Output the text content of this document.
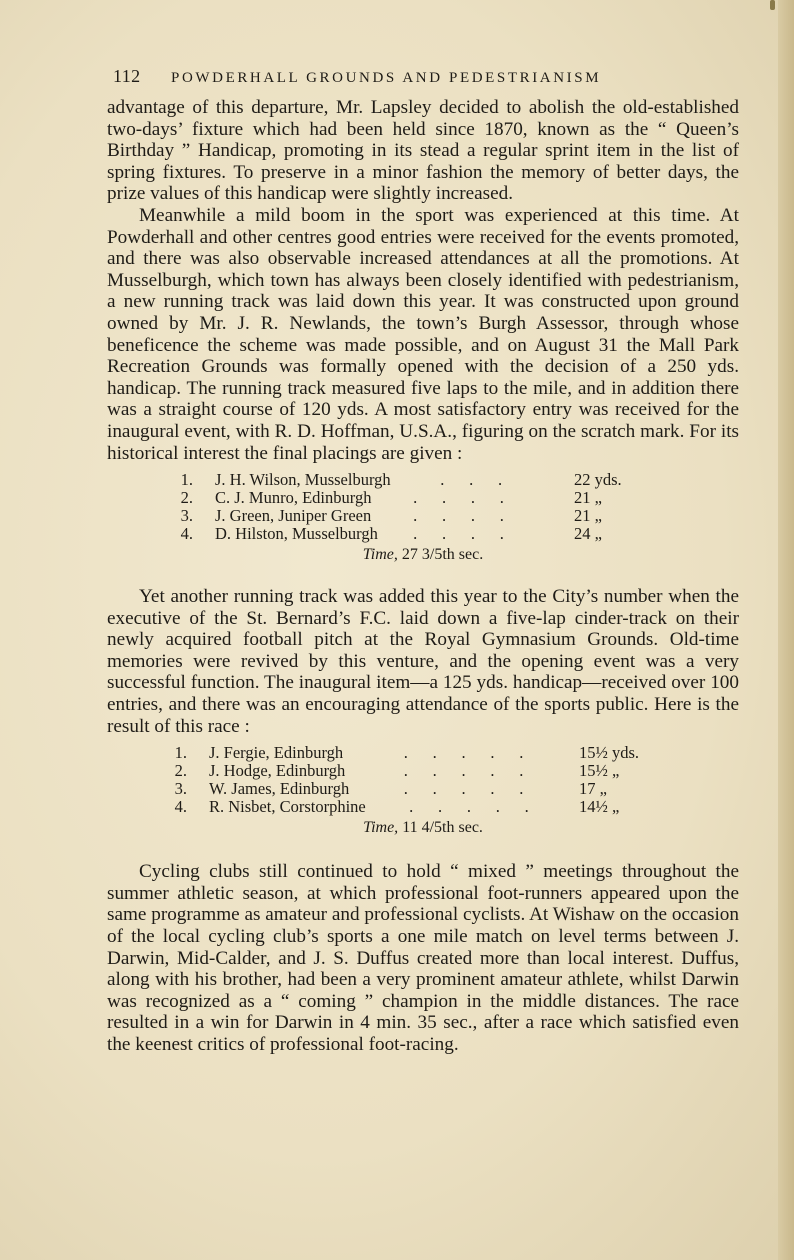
112 POWDERHALL GROUNDS AND PEDESTRIANISM

advantage of this departure, Mr. Lapsley decided to abolish the old-established two-days’ fixture which had been held since 1870, known as the “ Queen’s Birthday ” Handicap, promoting in its stead a regular sprint item in the list of spring fixtures. To preserve in a minor fashion the memory of better days, the prize values of this handicap were slightly increased.

Meanwhile a mild boom in the sport was experienced at this time. At Powderhall and other centres good entries were received for the events promoted, and there was also observable increased attendances at all the promotions. At Musselburgh, which town has always been closely identified with pedestrianism, a new running track was laid down this year. It was constructed upon ground owned by Mr. J. R. Newlands, the town’s Burgh Assessor, through whose beneficence the scheme was made possible, and on August 31 the Mall Park Recreation Grounds was formally opened with the decision of a 250 yds. handicap. The running track measured five laps to the mile, and in addition there was a straight course of 120 yds. A most satisfactory entry was received for the inaugural event, with R. D. Hoffman, U.S.A., figuring on the scratch mark. For its historical interest the final placings are given :

1. J. H. Wilson, Musselburgh	.      .      .	22 yds.
2. C. J. Munro, Edinburgh .      .      .      .	21 „
3. J. Green, Juniper Green .      .      .      .	21 „
4. D. Hilston, Musselburgh .      .      .      .	24 „
Time, 27 3/5th sec.

Yet another running track was added this year to the City’s number when the executive of the St. Bernard’s F.C. laid down a five-lap cinder-track on their newly acquired football pitch at the Royal Gymnasium Grounds. Old-time memories were revived by this venture, and the opening event was a very successful function. The inaugural item—a 125 yds. handicap—received over 100 entries, and there was an encouraging attendance of the sports public. Here is the result of this race :

1. J. Fergie, Edinburgh .      .      .      .      .	15½ yds.
2. J. Hodge, Edinburgh .      .      .      .      .	15½ „
3. W. James, Edinburgh .      .      .      .      .	17 „
4. R. Nisbet, Corstorphine .      .      .      .      .	14½ „
Time, 11 4/5th sec.

Cycling clubs still continued to hold “ mixed ” meetings throughout the summer athletic season, at which professional foot-runners appeared upon the same programme as amateur and professional cyclists. At Wishaw on the occasion of the local cycling club’s sports a one mile match on level terms between J. Darwin, Mid-Calder, and J. S. Duffus created more than local interest. Duffus, along with his brother, had been a very prominent amateur athlete, whilst Darwin was recognized as a “ coming ” champion in the middle distances. The race resulted in a win for Darwin in 4 min. 35 sec., after a race which satisfied even the keenest critics of professional foot-racing.
